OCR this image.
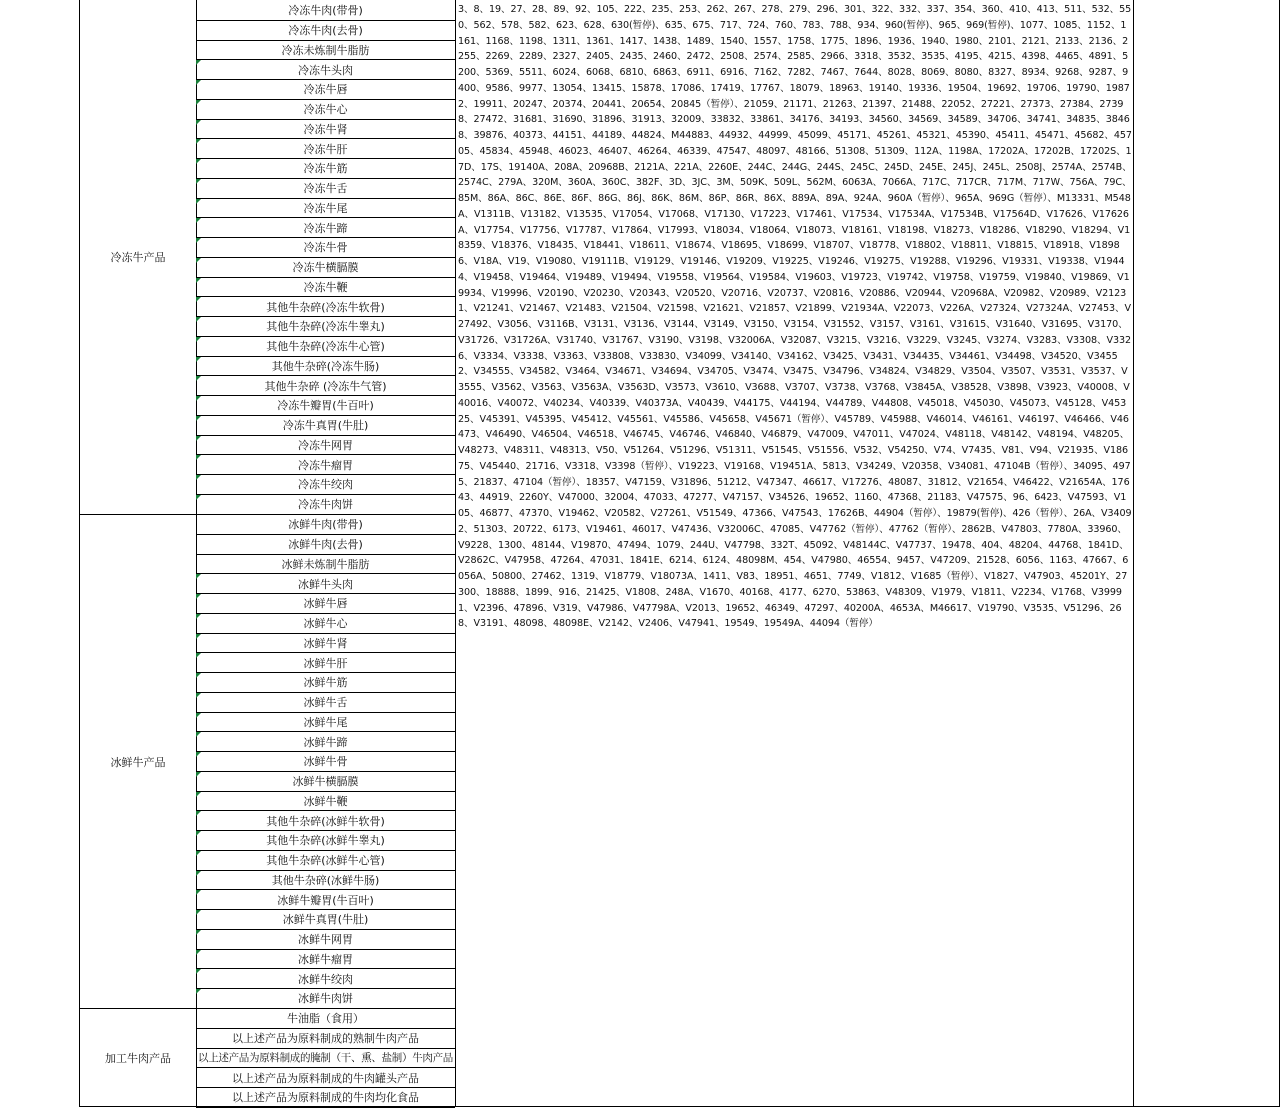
冷冻牛产品
冰鲜牛产品
加工牛肉产品
冷冻牛肉(带骨)
冷冻牛肉(去骨)
冷冻未炼制牛脂肪
冷冻牛头肉
冷冻牛唇
冷冻牛心
冷冻牛肾
冷冻牛肝
冷冻牛筋
冷冻牛舌
冷冻牛尾
冷冻牛蹄
冷冻牛骨
冷冻牛横膈膜
冷冻牛鞭
其他牛杂碎(冷冻牛软骨)
其他牛杂碎(冷冻牛睾丸)
其他牛杂碎(冷冻牛心管)
其他牛杂碎(冷冻牛肠)
其他牛杂碎 (冷冻牛气管)
冷冻牛瓣胃(牛百叶)
冷冻牛真胃(牛肚)
冷冻牛网胃
冷冻牛瘤胃
冷冻牛绞肉
冷冻牛肉饼
冰鲜牛肉(带骨)
冰鲜牛肉(去骨)
冰鲜未炼制牛脂肪
冰鲜牛头肉
冰鲜牛唇
冰鲜牛心
冰鲜牛肾
冰鲜牛肝
冰鲜牛筋
冰鲜牛舌
冰鲜牛尾
冰鲜牛蹄
冰鲜牛骨
冰鲜牛横膈膜
冰鲜牛鞭
其他牛杂碎(冰鲜牛软骨)
其他牛杂碎(冰鲜牛睾丸)
其他牛杂碎(冰鲜牛心管)
其他牛杂碎(冰鲜牛肠)
冰鲜牛瓣胃(牛百叶)
冰鲜牛真胃(牛肚)
冰鲜牛网胃
冰鲜牛瘤胃
冰鲜牛绞肉
冰鲜牛肉饼
牛油脂（食用）
以上述产品为原料制成的熟制牛肉产品
以上述产品为原料制成的腌制（干、熏、盐制）牛肉产品
以上述产品为原料制成的牛肉罐头产品
以上述产品为原料制成的牛肉均化食品
3、8、19、27、28、89、92、105、222、235、253、262、267、278、279、296、301、322、332、337、354、360、410、413、511、532、550、562、578、582、623、628、630(暂停)、635、675、717、724、760、783、788、934、960(暂停)、965、969(暂停)、1077、1085、1152、1161、1168、1198、1311、1361、1417、1438、1489、1540、1557、1758、1775、1896、1936、1940、1980、2101、2121、2133、2136、2255、2269、2289、2327、2405、2435、2460、2472、2508、2574、2585、2966、3318、3532、3535、4195、4215、4398、4465、4891、5200、5369、5511、6024、6068、6810、6863、6911、6916、7162、7282、7467、7644、8028、8069、8080、8327、8934、9268、9287、9400、9586、9977、13054、13415、15878、17086、17419、17767、18079、18963、19140、19336、19504、19692、19706、19790、19872、19911、20247、20374、20441、20654、20845（暂停）、21059、21171、21263、21397、21488、22052、27221、27373、27384、27398、27472、31681、31690、31896、31913、32009、33832、33861、34176、34193、34560、34569、34589、34706、34741、34835、38468、39876、40373、44151、44189、44824、M44883、44932、44999、45099、45171、45261、45321、45390、45411、45471、45682、45705、45834、45948、46023、46407、46264、46339、47547、48097、48166、51308、51309、112A、1198A、17202A、17202B、17202S、17D、17S、19140A、208A、20968B、2121A、221A、2260E、244C、244G、244S、245C、245D、245E、245J、245L、2508J、2574A、2574B、2574C、279A、320M、360A、360C、382F、3D、3JC、3M、509K、509L、562M、6063A、7066A、717C、717CR、717M、717W、756A、79C、85M、86A、86C、86E、86F、86G、86J、86K、86M、86P、86R、86X、889A、89A、924A、960A（暂停）、965A、969G（暂停）、M13331、M548A、V1311B、V13182、V13535、V17054、V17068、V17130、V17223、V17461、V17534、V17534A、V17534B、V17564D、V17626、V17626A、V17754、V17756、V17787、V17864、V17993、V18034、V18064、V18073、V18161、V18198、V18273、V18286、V18290、V18294、V18359、V18376、V18435、V18441、V18611、V18674、V18695、V18699、V18707、V18778、V18802、V18811、V18815、V18918、V18986、V18A、V19、V19080、V19111B、V19129、V19146、V19209、V19225、V19246、V19275、V19288、V19296、V19331、V19338、V19444、V19458、V19464、V19489、V19494、V19558、V19564、V19584、V19603、V19723、V19742、V19758、V19759、V19840、V19869、V19934、V19996、V20190、V20230、V20343、V20520、V20716、V20737、V20816、V20886、V20944、V20968A、V20982、V20989、V21231、V21241、V21467、V21483、V21504、V21598、V21621、V21857、V21899、V21934A、V22073、V226A、V27324、V27324A、V27453、V27492、V3056、V3116B、V3131、V3136、V3144、V3149、V3150、V3154、V31552、V3157、V3161、V31615、V31640、V31695、V3170、V31726、V31726A、V31740、V31767、V3190、V3198、V32006A、V32087、V3215、V3216、V3229、V3245、V3274、V3283、V3308、V3326、V3334、V3338、V3363、V33808、V33830、V34099、V34140、V34162、V3425、V3431、V34435、V34461、V34498、V34520、V34552、V34555、V34582、V3464、V34671、V34694、V34705、V3474、V3475、V34796、V34824、V34829、V3504、V3507、V3531、V3537、V3555、V3562、V3563、V3563A、V3563D、V3573、V3610、V3688、V3707、V3738、V3768、V3845A、V38528、V3898、V3923、V40008、V40016、V40072、V40234、V40339、V40373A、V40439、V44175、V44194、V44789、V44808、V45018、V45030、V45073、V45128、V45325、V45391、V45395、V45412、V45561、V45586、V45658、V45671（暂停）、V45789、V45988、V46014、V46161、V46197、V46466、V46473、V46490、V46504、V46518、V46745、V46746、V46840、V46879、V47009、V47011、V47024、V48118、V48142、V48194、V48205、V48273、V48311、V48313、V50、V51264、V51296、V51311、V51545、V51556、V532、V54250、V74、V7435、V81、V94、V21935、V18675、V45440、21716、V3318、V3398（暂停）、V19223、V19168、V19451A、5813、V34249、V20358、V34081、47104B（暂停）、34095、4975、21837、47104（暂停）、18357、V47159、V31896、51212、V47347、46617、V17276、48087、31812、V21654、V46422、V21654A、17643、44919、2260Y、V47000、32004、47033、47277、V47157、V34526、19652、1160、47368、21183、V47575、96、6423、V47593、V105、46877、47370、V19462、V20582、V27261、V51549、47366、V47543、17626B、44904（暂停）、19879(暂停)、426（暂停）、26A、V34092、51303、20722、6173、V19461、46017、V47436、V32006C、47085、V47762（暂停）、47762（暂停）、2862B、V47803、7780A、33960、V9228、1300、48144、V19870、47494、1079、244U、V47798、332T、45092、V48144C、V47737、19478、404、48204、44768、1841D、V2862C、V47958、47264、47031、1841E、6214、6124、48098M、454、V47980、46554、9457、V47209、21528、6056、1163、47667、6056A、50800、27462、1319、V18779、V18073A、1411、V83、18951、4651、7749、V1812、V1685（暂停）、V1827、V47903、45201Y、27300、18888、1899、916、21425、V1808、248A、V1670、40168、4177、6270、53863、V48309、V1979、V1811、V2234、V1768、V39991、V2396、47896、V319、V47986、V47798A、V2013、19652、46349、47297、40200A、4653A、M46617、V19790、V3535、V51296、268、V3191、48098、48098E、V2142、V2406、V47941、19549、19549A、44094（暂停）
